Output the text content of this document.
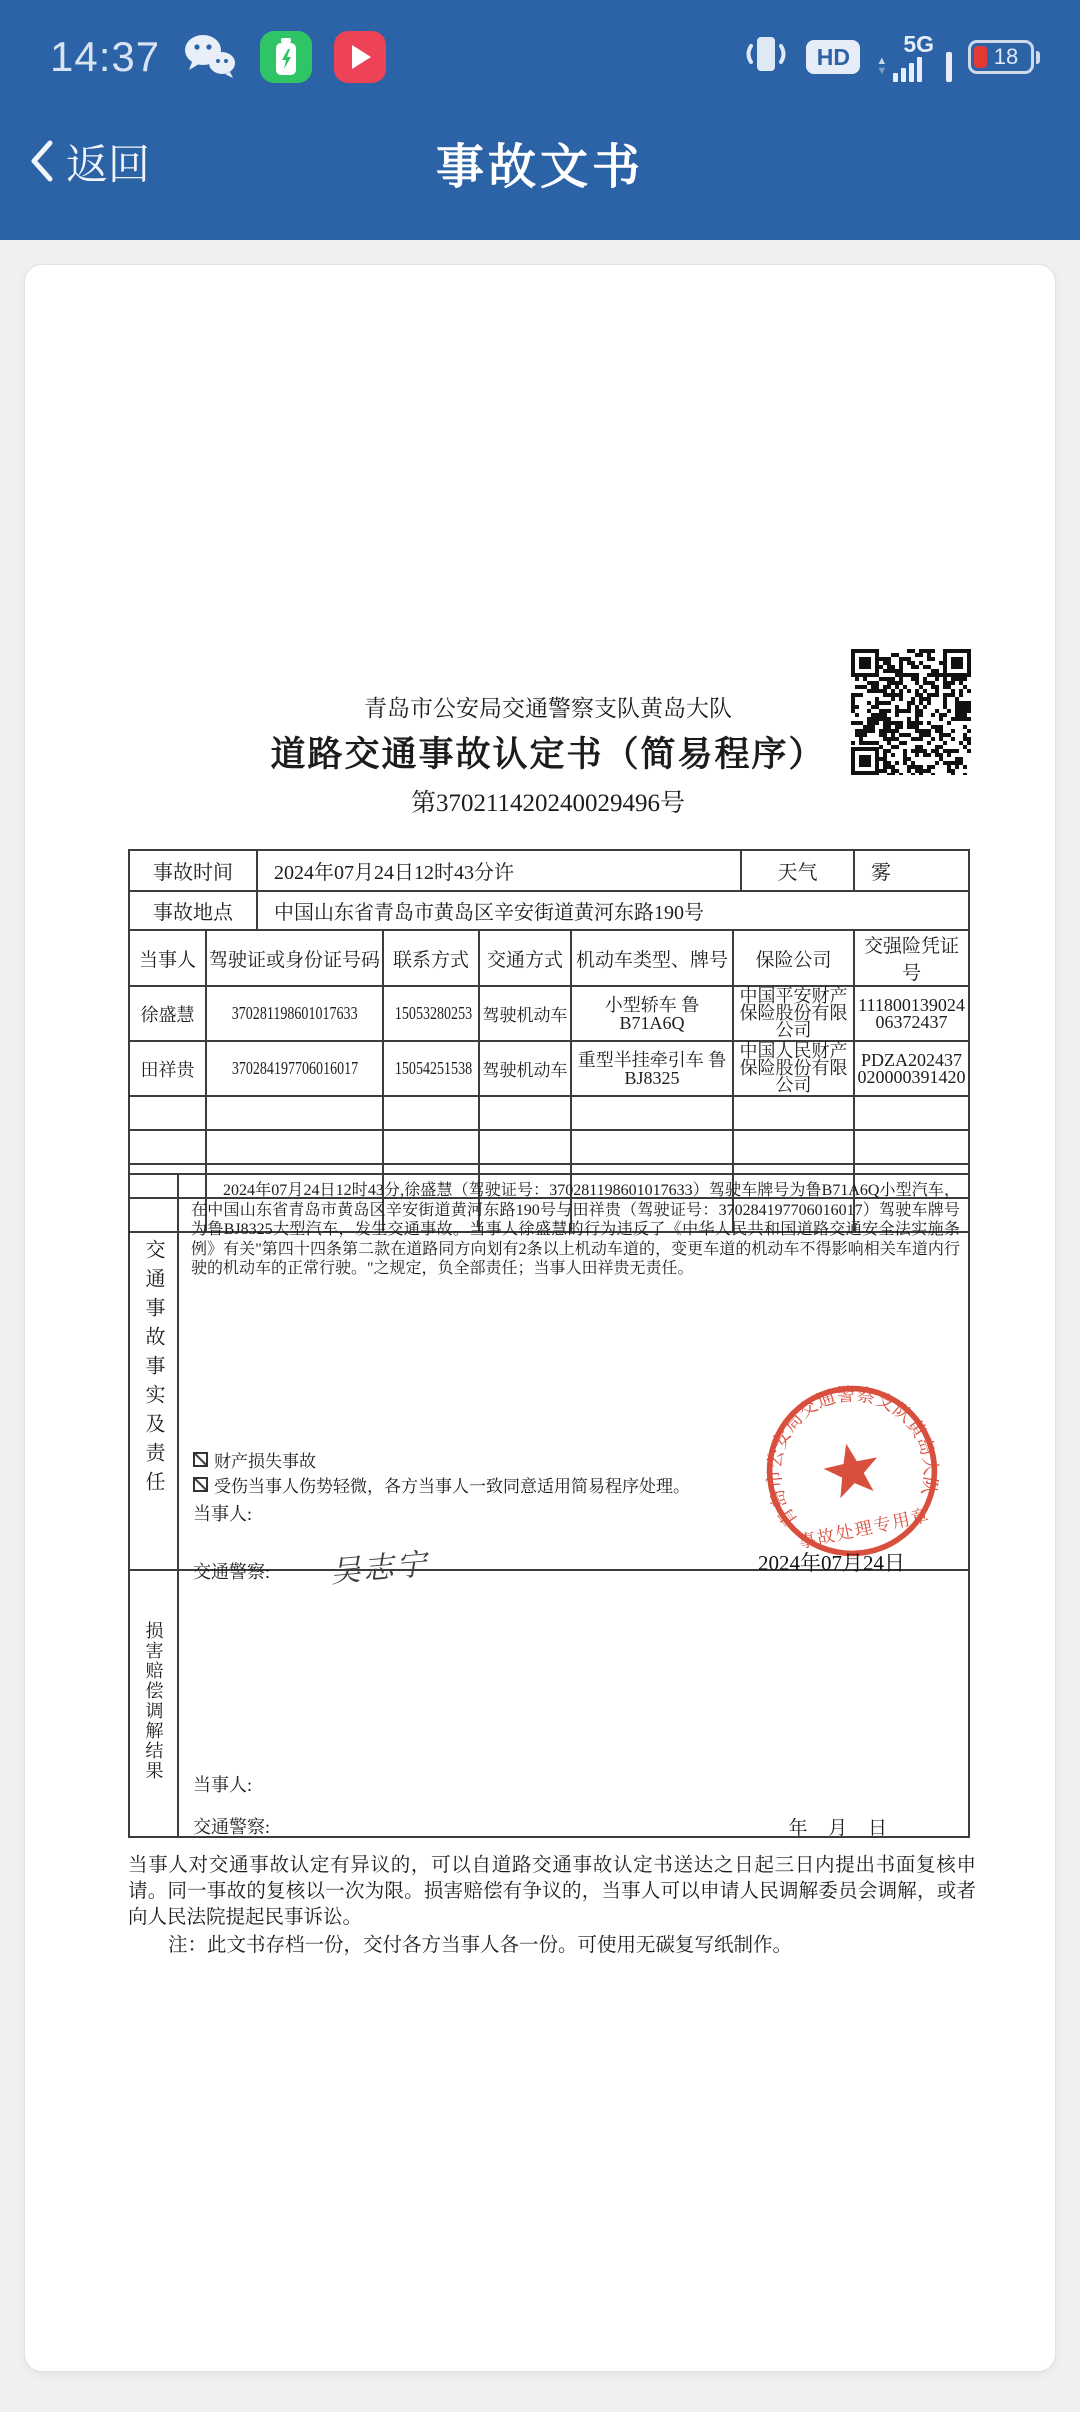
14:37	HD	▲
▼
5G	18
返回	事故文书
青岛市公安局交通警察支队黄岛大队
道路交通事故认定书（简易程序）
第370211420240029496号
事故时间	2024年07月24日12时43分许	天气	雾
事故地点	中国山东省青岛市黄岛区辛安街道黄河东路190号		
当事人	驾驶证或身份证号码	联系方式	交通方式	机动车类型、牌号	保险公司	交强险凭证号
徐盛慧	370281198601017633	15053280253	驾驶机动车	小型轿车 鲁B71A6Q	中国平安财产保险股份有限公司	11180013902406372437
田祥贵	370284197706016017	15054251538	驾驶机动车	重型半挂牵引车 鲁BJ8325	中国人民财产保险股份有限公司	PDZA202437020000391420

交通事故事实及责任	
2024年07月24日12时43分,徐盛慧（驾驶证号：370281198601017633）驾驶车牌号为鲁B71A6Q小型汽车，在中国山东省青岛市黄岛区辛安街道黄河东路190号与田祥贵（驾驶证号：370284197706016017）驾驶车牌号为鲁BJ8325大型汽车，发生交通事故。当事人徐盛慧的行为违反了《中华人民共和国道路交通安全法实施条例》有关"第四十四条第二款在道路同方向划有2条以上机动车道的，变更车道的机动车不得影响相关车道内行驶的机动车的正常行驶。"之规定，负全部责任；当事人田祥贵无责任。
财产损失事故
受伤当事人伤势轻微，各方当事人一致同意适用简易程序处理。
当事人:
交通警察: 吴志宁
青岛市公安局交通警察支队黄岛大队
事故处理专用章
2024年07月24日

损害赔偿调解结果	当事人:
交通警察: 年 月 日

当事人对交通事故认定有异议的，可以自道路交通事故认定书送达之日起三日内提出书面复核申请。同一事故的复核以一次为限。损害赔偿有争议的，当事人可以申请人民调解委员会调解，或者向人民法院提起民事诉讼。

注：此文书存档一份，交付各方当事人各一份。可使用无碳复写纸制作。
